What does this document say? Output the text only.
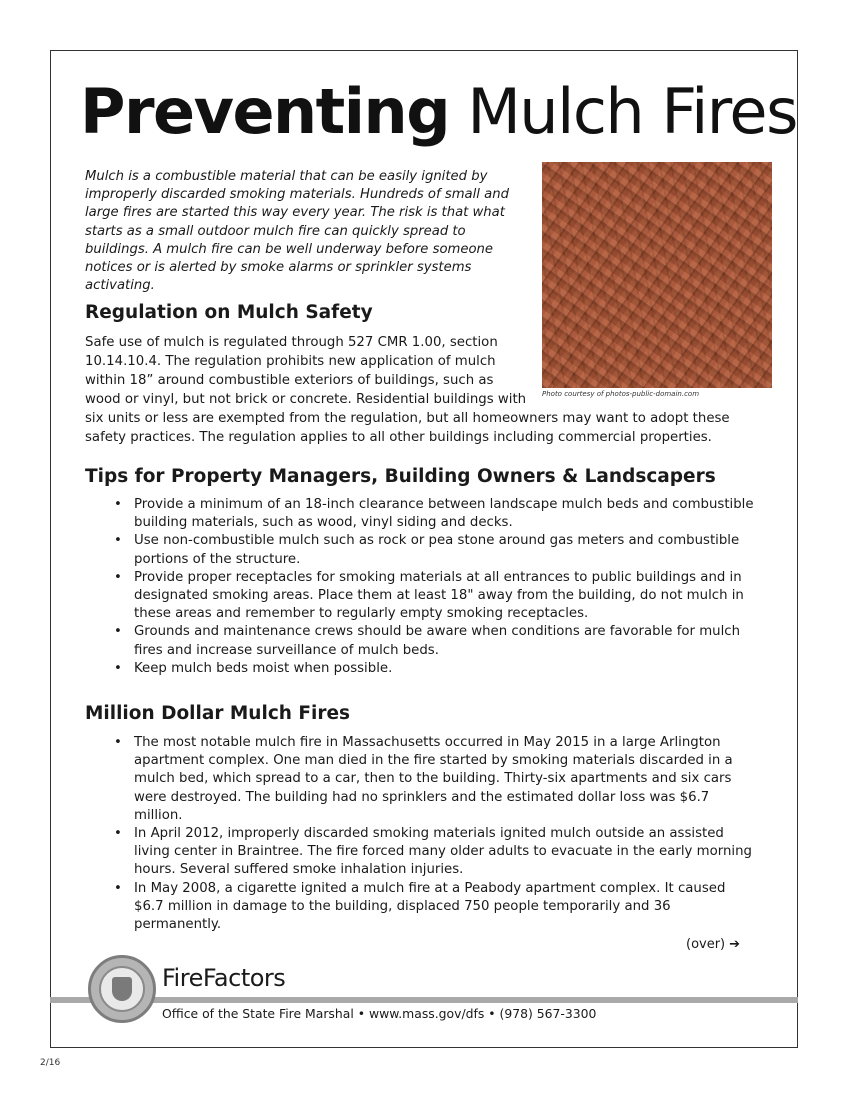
Preventing Mulch Fires

Mulch is a combustible material that can be easily ignited by improperly discarded smoking materials. Hundreds of small and large fires are started this way every year. The risk is that what starts as a small outdoor mulch fire can quickly spread to buildings. A mulch fire can be well underway before someone notices or is alerted by smoke alarms or sprinkler systems activating.

Photo courtesy of photos-public-domain.com

Regulation on Mulch Safety

Safe use of mulch is regulated through 527 CMR 1.00, section
10.14.10.4. The regulation prohibits new application of mulch
within 18” around combustible exteriors of buildings, such as
wood or vinyl, but not brick or concrete. Residential buildings with
six units or less are exempted from the regulation, but all homeowners may want to adopt these
safety practices. The regulation applies to all other buildings including commercial properties.

Tips for Property Managers, Building Owners & Landscapers
• Provide a minimum of an 18-inch clearance between landscape mulch beds and combustible building materials, such as wood, vinyl siding and decks.
• Use non-combustible mulch such as rock or pea stone around gas meters and combustible portions of the structure.
• Provide proper receptacles for smoking materials at all entrances to public buildings and in designated smoking areas. Place them at least 18" away from the building, do not mulch in these areas and remember to regularly empty smoking receptacles.
• Grounds and maintenance crews should be aware when conditions are favorable for mulch fires and increase surveillance of mulch beds.
• Keep mulch beds moist when possible.
Million Dollar Mulch Fires
• The most notable mulch fire in Massachusetts occurred in May 2015 in a large Arlington apartment complex. One man died in the fire started by smoking materials discarded in a mulch bed, which spread to a car, then to the building. Thirty-six apartments and six cars were destroyed. The building had no sprinklers and the estimated dollar loss was $6.7 million.
• In April 2012, improperly discarded smoking materials ignited mulch outside an assisted living center in Braintree. The fire forced many older adults to evacuate in the early morning hours. Several suffered smoke inhalation injuries.
• In May 2008, a cigarette ignited a mulch fire at a Peabody apartment complex. It caused $6.7 million in damage to the building, displaced 750 people temporarily and 36 permanently.
(over) ➔

FireFactors

Office of the State Fire Marshal • www.mass.gov/dfs • (978) 567-3300

2/16
